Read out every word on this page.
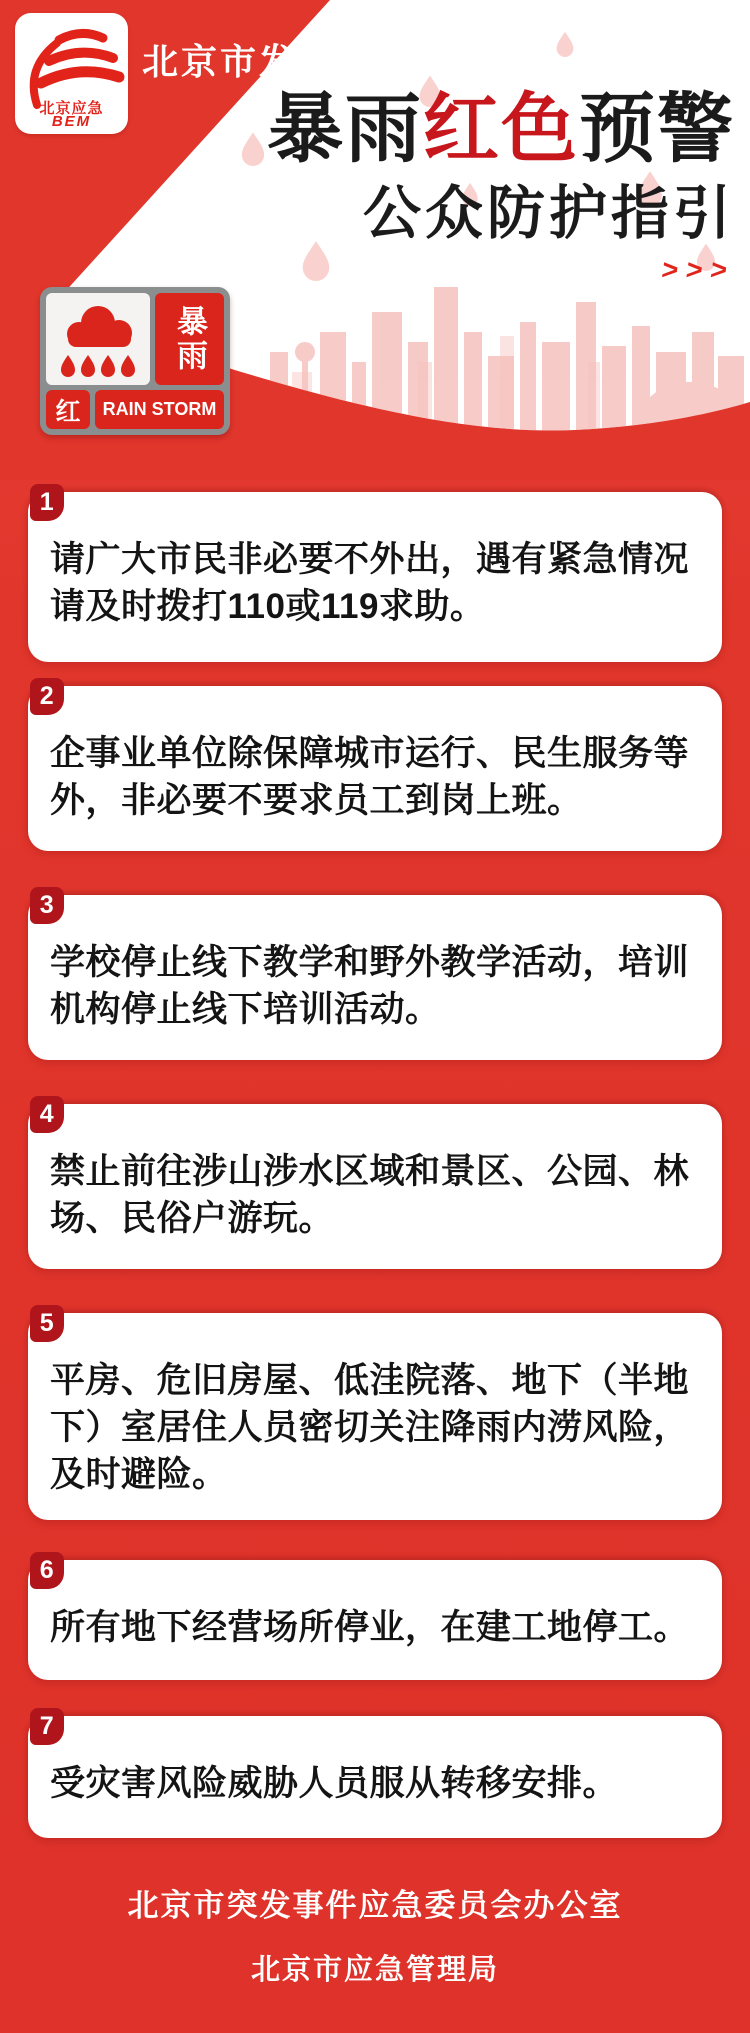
北京应急
BEM
北京市发布
暴雨红色预警
公众防护指引
>>>
暴雨
红	RAIN STORM
1
请广大市民非必要不外出，遇有紧急情况请及时拨打110或119求助。
2
企事业单位除保障城市运行、民生服务等外，非必要不要求员工到岗上班。
3
学校停止线下教学和野外教学活动，培训机构停止线下培训活动。
4
禁止前往涉山涉水区域和景区、公园、林场、民俗户游玩。
5
平房、危旧房屋、低洼院落、地下（半地下）室居住人员密切关注降雨内涝风险，及时避险。
6
所有地下经营场所停业，在建工地停工。
7
受灾害风险威胁人员服从转移安排。
北京市突发事件应急委员会办公室
北京市应急管理局
